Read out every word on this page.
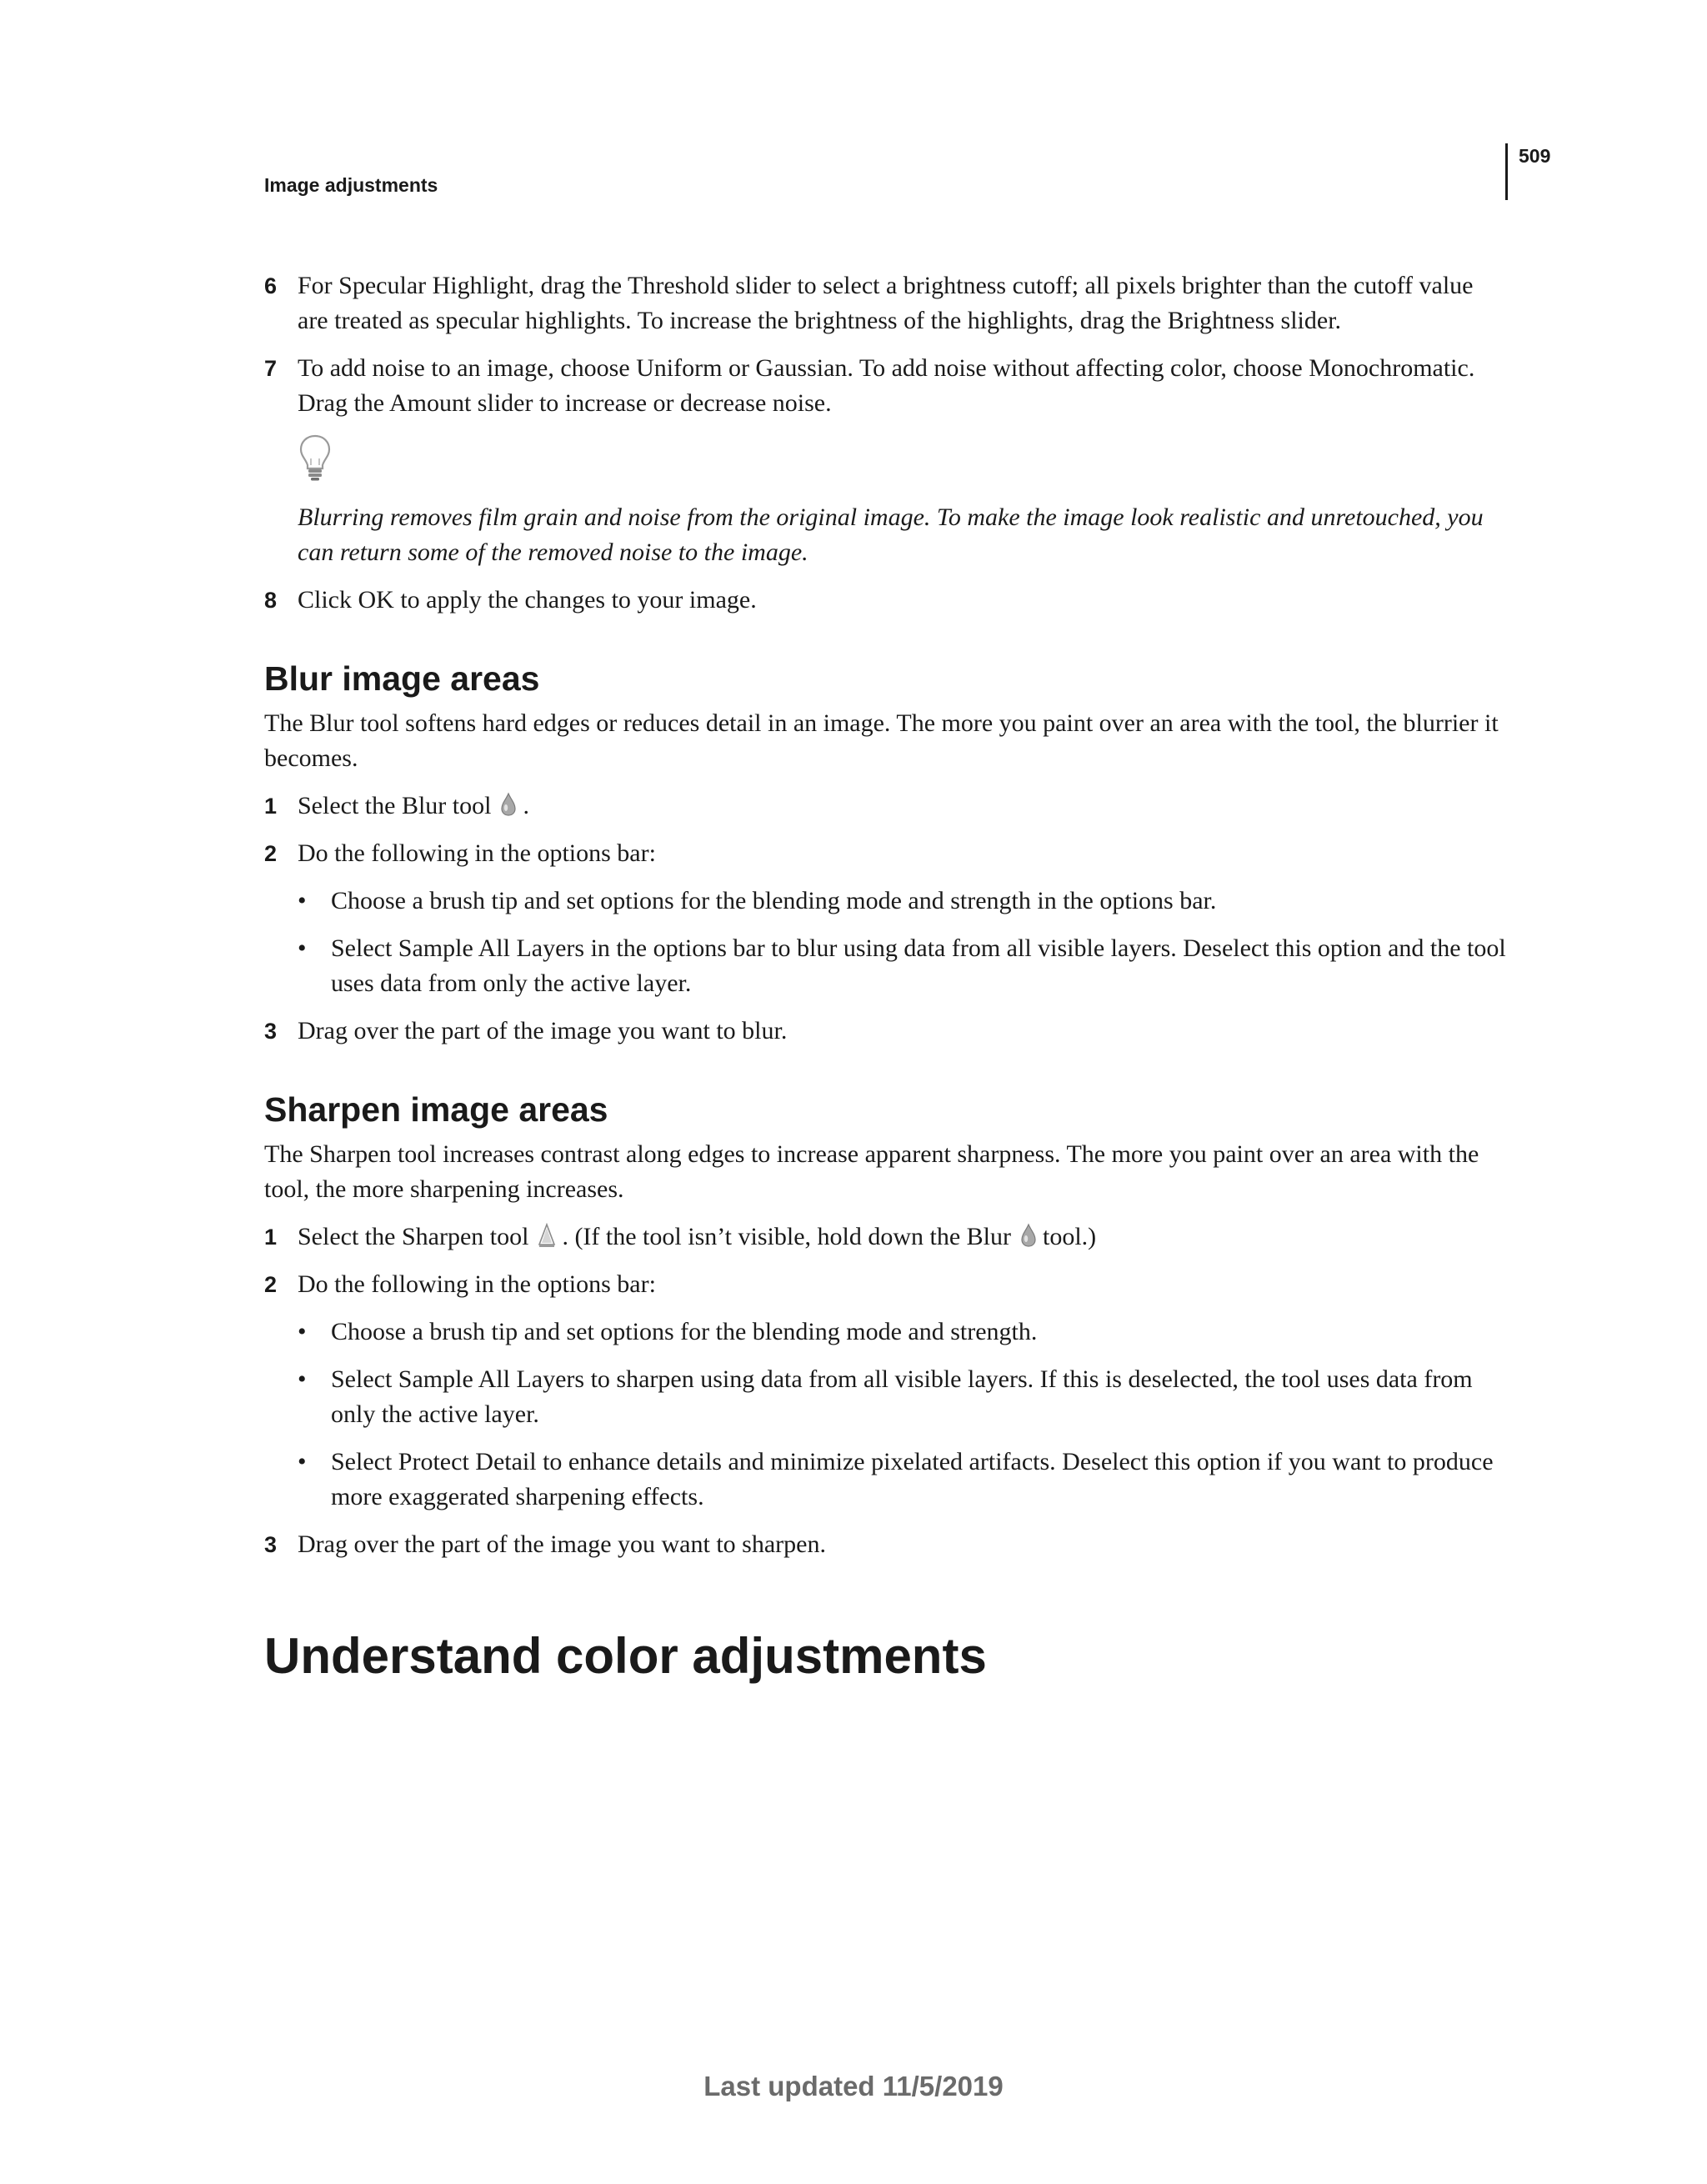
Image adjustments
509
6 For Specular Highlight, drag the Threshold slider to select a brightness cutoff; all pixels brighter than the cutoff value are treated as specular highlights. To increase the brightness of the highlights, drag the Brightness slider.
7 To add noise to an image, choose Uniform or Gaussian. To add noise without affecting color, choose Monochromatic. Drag the Amount slider to increase or decrease noise.
Blurring removes film grain and noise from the original image. To make the image look realistic and unretouched, you can return some of the removed noise to the image.
8 Click OK to apply the changes to your image.
Blur image areas
The Blur tool softens hard edges or reduces detail in an image. The more you paint over an area with the tool, the blurrier it becomes.
1 Select the Blur tool .
2 Do the following in the options bar:
• Choose a brush tip and set options for the blending mode and strength in the options bar.
• Select Sample All Layers in the options bar to blur using data from all visible layers. Deselect this option and the tool uses data from only the active layer.
3 Drag over the part of the image you want to blur.
Sharpen image areas
The Sharpen tool increases contrast along edges to increase apparent sharpness. The more you paint over an area with the tool, the more sharpening increases.
1 Select the Sharpen tool . (If the tool isn’t visible, hold down the Blur tool.)
2 Do the following in the options bar:
• Choose a brush tip and set options for the blending mode and strength.
• Select Sample All Layers to sharpen using data from all visible layers. If this is deselected, the tool uses data from only the active layer.
• Select Protect Detail to enhance details and minimize pixelated artifacts. Deselect this option if you want to produce more exaggerated sharpening effects.
3 Drag over the part of the image you want to sharpen.
Understand color adjustments
Last updated 11/5/2019
